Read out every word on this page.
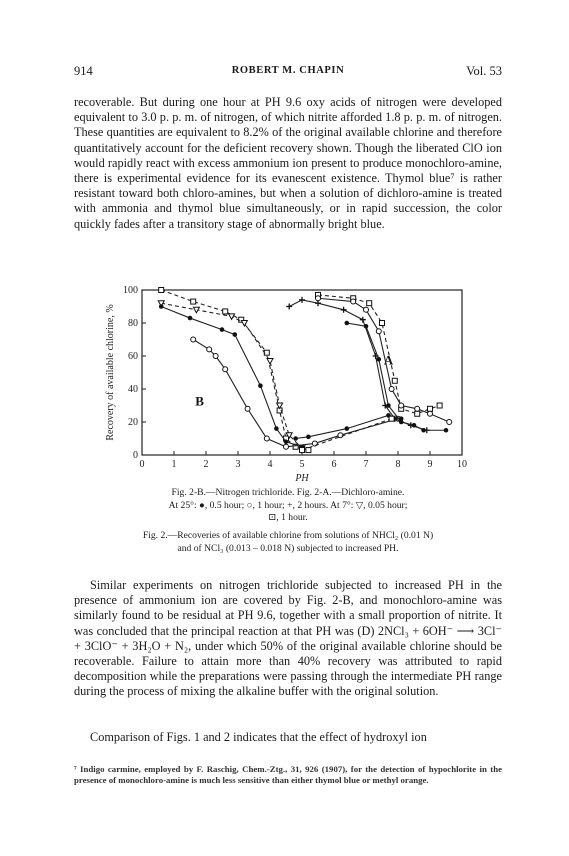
914	ROBERT M. CHAPIN	Vol. 53

recoverable. But during one hour at PH 9.6 oxy acids of nitrogen were developed equivalent to 3.0 p. p. m. of nitrogen, of which nitrite afforded 1.8 p. p. m. of nitrogen. These quantities are equivalent to 8.2% of the original available chlorine and therefore quantitatively account for the deficient recovery shown. Though the liberated ClO ion would rapidly react with excess ammonium ion present to produce monochloro-amine, there is experimental evidence for its evanescent existence. Thymol blue⁷ is rather resistant toward both chloro-amines, but when a solution of dichloro-amine is treated with ammonia and thymol blue simultaneously, or in rapid succession, the color quickly fades after a transitory stage of abnormally bright blue.

0	1	2	3	4	5	6	7	8	9 10
0
20
40
60
80
100
PH
Recovery of available chlorine, %	A
B
Fig. 2-B.—Nitrogen trichloride. Fig. 2-A.—Dichloro-amine.
At 25°: ●, 0.5 hour; ○, 1 hour; +, 2 hours. At 7°: ▽, 0.05 hour;
⊡, 1 hour.
Fig. 2.—Recoveries of available chlorine from solutions of NHCl₂ (0.01 N)
and of NCl₃ (0.013 – 0.018 N) subjected to increased PH.

Similar experiments on nitrogen trichloride subjected to increased PH in the presence of ammonium ion are covered by Fig. 2-B, and monochloro-amine was similarly found to be residual at PH 9.6, together with a small proportion of nitrite. It was concluded that the principal reaction at that PH was (D) 2NCl₃ + 6OH⁻ ⟶ 3Cl⁻ + 3ClO⁻ + 3H₂O + N₂, under which 50% of the original available chlorine should be recoverable. Failure to attain more than 40% recovery was attributed to rapid decomposition while the preparations were passing through the intermediate PH range during the process of mixing the alkaline buffer with the original solution.

Comparison of Figs. 1 and 2 indicates that the effect of hydroxyl ion

⁷ Indigo carmine, employed by F. Raschig, Chem.-Ztg., 31, 926 (1907), for the detection of hypochlorite in the presence of monochloro-amine is much less sensitive than either thymol blue or methyl orange.
